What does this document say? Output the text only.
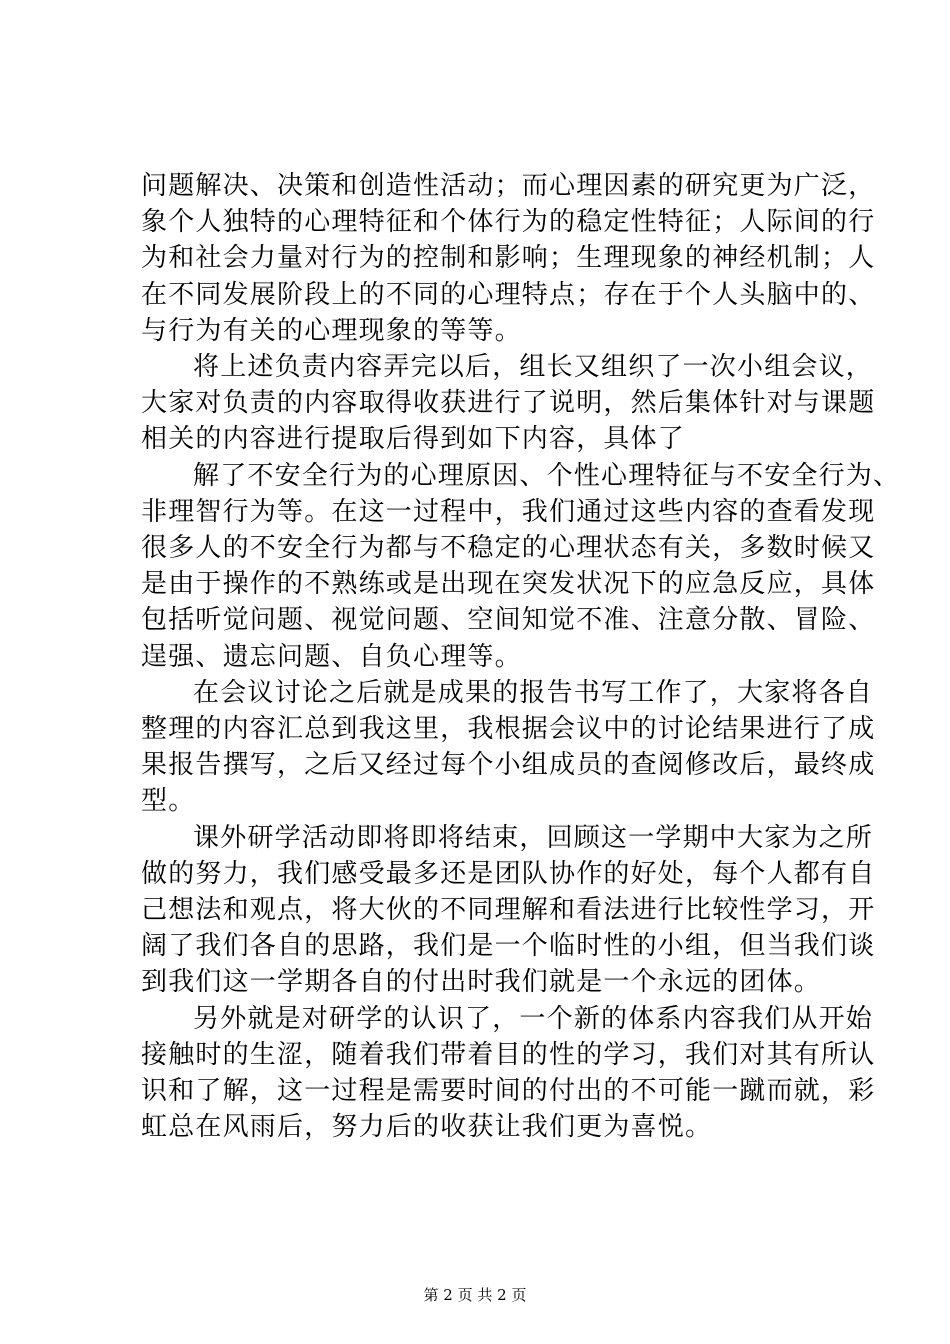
问题解决、决策和创造性活动；而心理因素的研究更为广泛，
象个人独特的心理特征和个体行为的稳定性特征；人际间的行
为和社会力量对行为的控制和影响；生理现象的神经机制；人
在不同发展阶段上的不同的心理特点；存在于个人头脑中的、
与行为有关的心理现象的等等。
将上述负责内容弄完以后，组长又组织了一次小组会议，
大家对负责的内容取得收获进行了说明，然后集体针对与课题
相关的内容进行提取后得到如下内容，具体了
解了不安全行为的心理原因、个性心理特征与不安全行为、
非理智行为等。在这一过程中，我们通过这些内容的查看发现
很多人的不安全行为都与不稳定的心理状态有关，多数时候又
是由于操作的不熟练或是出现在突发状况下的应急反应，具体
包括听觉问题、视觉问题、空间知觉不准、注意分散、冒险、
逞强、遗忘问题、自负心理等。
在会议讨论之后就是成果的报告书写工作了，大家将各自
整理的内容汇总到我这里，我根据会议中的讨论结果进行了成
果报告撰写，之后又经过每个小组成员的查阅修改后，最终成
型。
课外研学活动即将即将结束，回顾这一学期中大家为之所
做的努力，我们感受最多还是团队协作的好处，每个人都有自
己想法和观点，将大伙的不同理解和看法进行比较性学习，开
阔了我们各自的思路，我们是一个临时性的小组，但当我们谈
到我们这一学期各自的付出时我们就是一个永远的团体。
另外就是对研学的认识了，一个新的体系内容我们从开始
接触时的生涩，随着我们带着目的性的学习，我们对其有所认
识和了解，这一过程是需要时间的付出的不可能一蹴而就，彩
虹总在风雨后，努力后的收获让我们更为喜悦。
第 2 页 共 2 页
